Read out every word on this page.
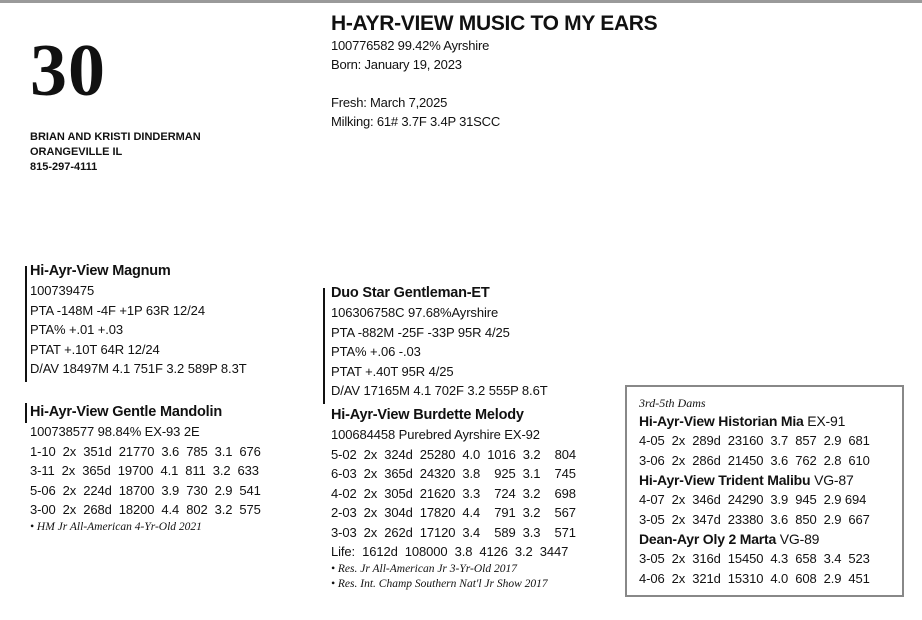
30
BRIAN AND KRISTI DINDERMAN
ORANGEVILLE IL
815-297-4111
H-AYR-VIEW MUSIC TO MY EARS
100776582 99.42% Ayrshire
Born: January 19, 2023
Fresh: March 7,2025
Milking: 61# 3.7F 3.4P 31SCC
Hi-Ayr-View Magnum
100739475
PTA -148M -4F +1P 63R 12/24
PTA% +.01 +.03
PTAT +.10T 64R 12/24
D/AV 18497M 4.1 751F 3.2 589P 8.3T
Hi-Ayr-View Gentle Mandolin
100738577 98.84% EX-93 2E
1-10  2x  351d  21770  3.6  785  3.1  676
3-11  2x  365d  19700  4.1  811  3.2  633
5-06  2x  224d  18700  3.9  730  2.9  541
3-00  2x  268d  18200  4.4  802  3.2  575
• HM Jr All-American 4-Yr-Old 2021
Duo Star Gentleman-ET
106306758C 97.68%Ayrshire
PTA -882M -25F -33P 95R 4/25
PTA% +.06 -.03
PTAT +.40T 95R 4/25
D/AV 17165M 4.1 702F 3.2 555P 8.6T
Hi-Ayr-View Burdette Melody
100684458 Purebred Ayrshire EX-92
5-02  2x  324d  25280  4.0  1016  3.2    804
6-03  2x  365d  24320  3.8    925  3.1    745
4-02  2x  305d  21620  3.3    724  3.2    698
2-03  2x  304d  17820  4.4    791  3.2    567
3-03  2x  262d  17120  3.4    589  3.3    571
Life:  1612d  108000  3.8  4126  3.2  3447
• Res. Jr All-American Jr 3-Yr-Old 2017
• Res. Int. Champ Southern Nat'l Jr Show 2017
3rd-5th Dams
Hi-Ayr-View Historian Mia EX-91
4-05  2x  289d  23160  3.7  857  2.9  681
3-06  2x  286d  21450  3.6  762  2.8  610
Hi-Ayr-View Trident Malibu VG-87
4-07  2x  346d  24290  3.9  945  2.9 694
3-05  2x  347d  23380  3.6  850  2.9  667
Dean-Ayr Oly 2 Marta VG-89
3-05  2x  316d  15450  4.3  658  3.4  523
4-06  2x  321d  15310  4.0  608  2.9  451
